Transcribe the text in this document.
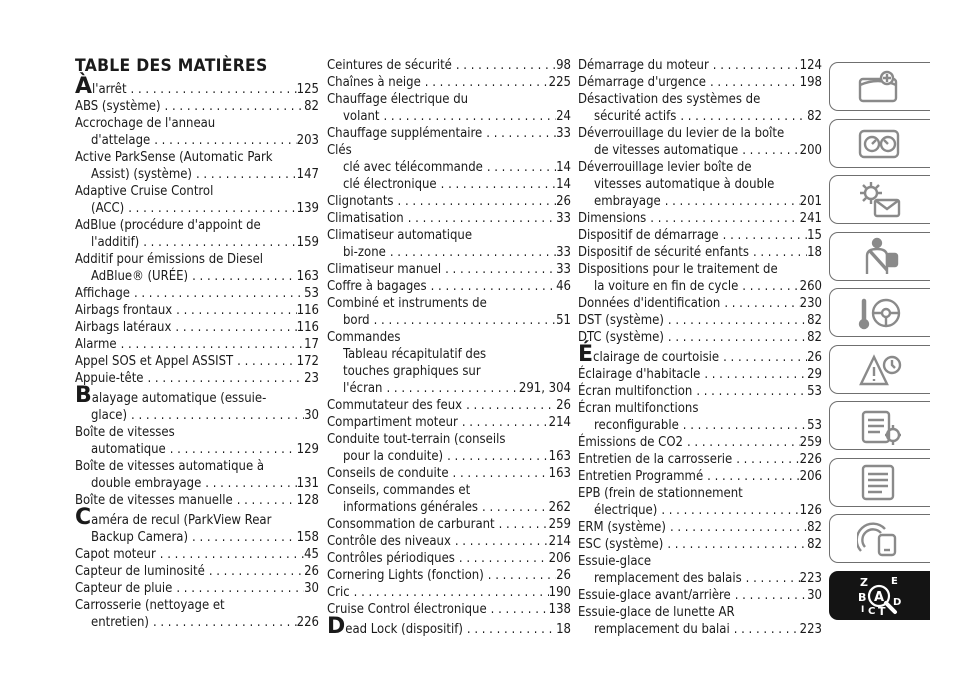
TABLE DES MATIÈRES
Àl'arrêt . . .	125
ABS (système) . . .	82
Accrochage de l'anneau
d'attelage . . .	203
Active ParkSense (Automatic Park
Assist) (système) . . .	147
Adaptive Cruise Control
(ACC) . . .	139
AdBlue (procédure d'appoint de
l'additif) . . .	159
Additif pour émissions de Diesel
AdBlue® (URÉE) . . .	163
Affichage . . .	53
Airbags frontaux . . .	116
Airbags latéraux . . .	116
Alarme . . .	17
Appel SOS et Appel ASSIST . . .	172
Appuie-tête . . .	23
Balayage automatique (essuie-
glace) . . .	30
Boîte de vitesses
automatique . . .	129
Boîte de vitesses automatique à
double embrayage . . .	131
Boîte de vitesses manuelle . . .	128
Caméra de recul (ParkView Rear
Backup Camera) . . .	158
Capot moteur . . .	45
Capteur de luminosité . . .	26
Capteur de pluie . . .	30
Carrosserie (nettoyage et
entretien) . . .	226
Ceintures de sécurité . . .	98
Chaînes à neige . . .	225
Chauffage électrique du
volant . . .	24
Chauffage supplémentaire . . .	33
Clés
clé avec télécommande . . .	14
clé électronique . . .	14
Clignotants . . .	26
Climatisation . . .	33
Climatiseur automatique
bi-zone . . .	33
Climatiseur manuel . . .	33
Coffre à bagages . . .	46
Combiné et instruments de
bord . . .	51
Commandes
Tableau récapitulatif des
touches graphiques sur
l'écran . . .	291, 304
Commutateur des feux . . .	26
Compartiment moteur . . .	214
Conduite tout-terrain (conseils
pour la conduite) . . .	163
Conseils de conduite . . .	163
Conseils, commandes et
informations générales . . .	262
Consommation de carburant . . .	259
Contrôle des niveaux . . .	214
Contrôles périodiques . . .	206
Cornering Lights (fonction) . . .	26
Cric . . .	190
Cruise Control électronique . . .	138
Dead Lock (dispositif) . . .	18
Démarrage du moteur . . .	124
Démarrage d'urgence . . .	198
Désactivation des systèmes de
sécurité actifs . . .	82
Déverrouillage du levier de la boîte
de vitesses automatique . . .	200
Déverrouillage levier boîte de
vitesses automatique à double
embrayage . . .	201
Dimensions . . .	241
Dispositif de démarrage . . .	15
Dispositif de sécurité enfants . . .	18
Dispositions pour le traitement de
la voiture en fin de cycle . . .	260
Données d'identification . . .	230
DST (système) . . .	82
DTC (système) . . .	82
Éclairage de courtoisie . . .	26
Éclairage d'habitacle . . .	29
Écran multifonction . . .	53
Écran multifonctions
reconfigurable . . .	53
Émissions de CO2 . . .	259
Entretien de la carrosserie . . .	226
Entretien Programmé . . .	206
EPB (frein de stationnement
électrique) . . .	126
ERM (système) . . .	82
ESC (système) . . .	82
Essuie-glace
remplacement des balais . . .	223
Essuie-glace avant/arrière . . .	30
Essuie-glace de lunette AR
remplacement du balai . . .	223
Z E
B A
C T
D
I
